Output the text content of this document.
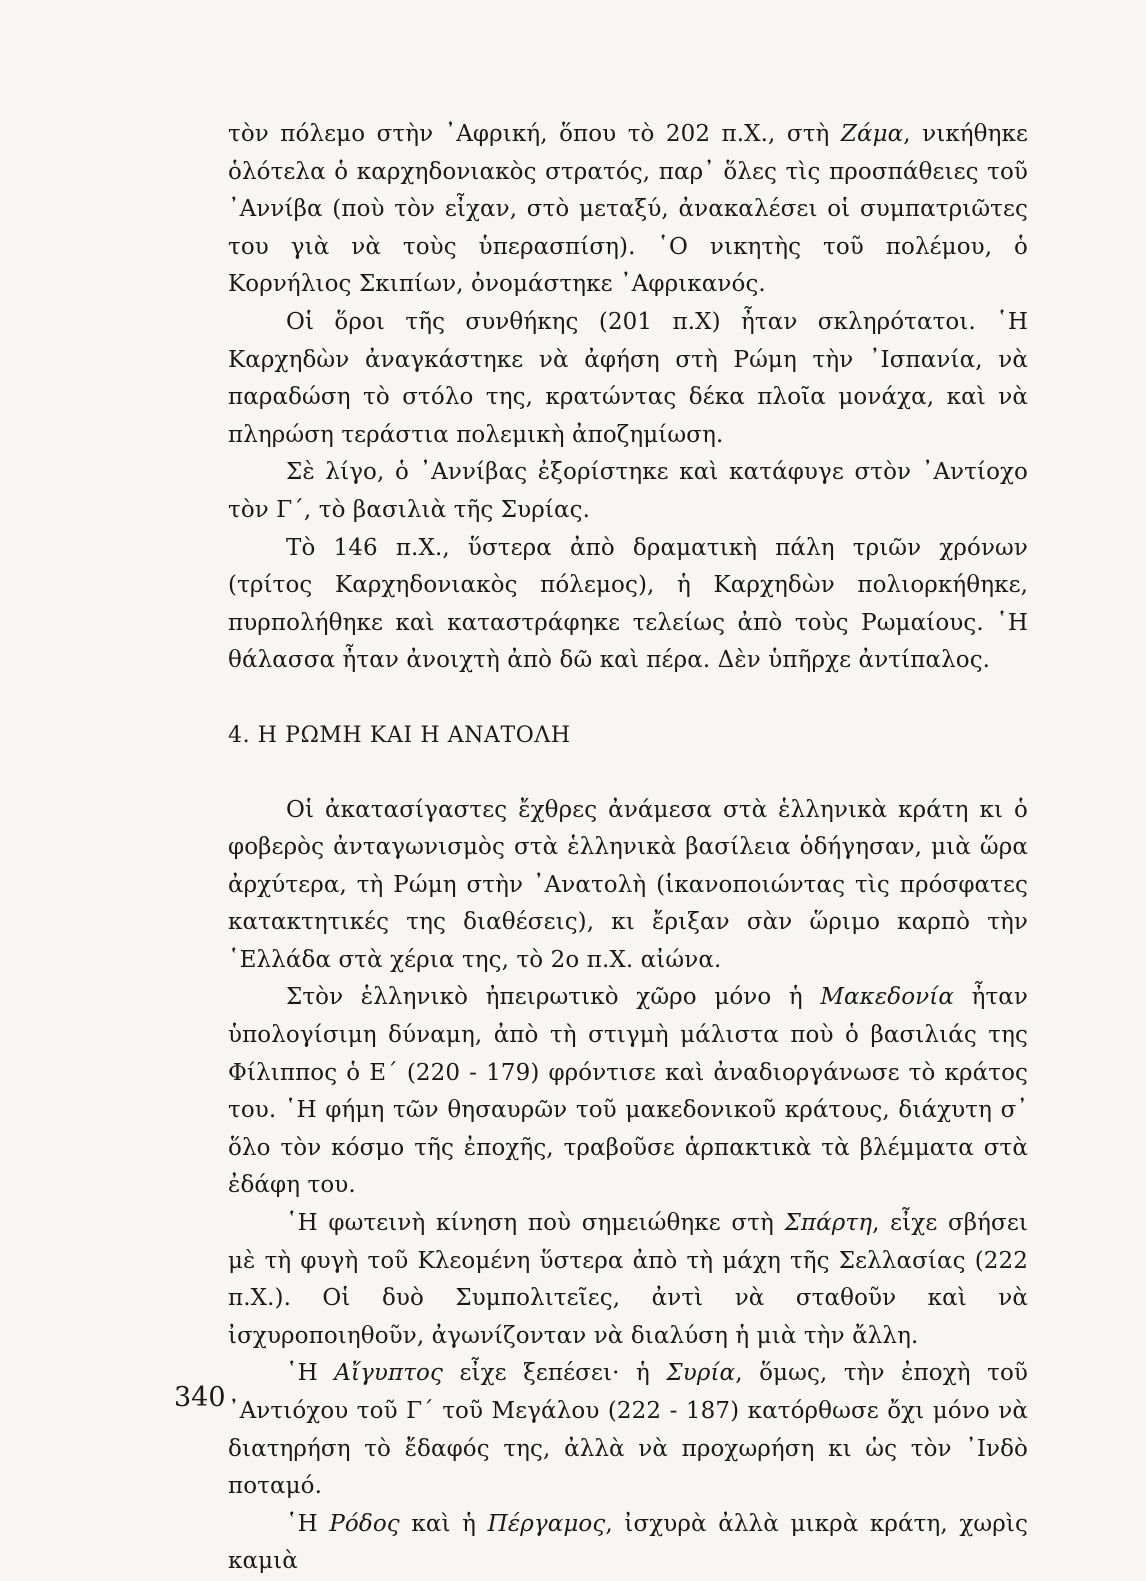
τὸν πόλεμο στὴν ᾿Αφρική, ὅπου τὸ 202 π.Χ., στὴ Ζάμα, νικήθηκε ὁλότελα ὁ καρχηδονιακὸς στρατός, παρ᾿ ὅλες τὶς προσπάθειες τοῦ ᾿Αννίβα (ποὺ τὸν εἶχαν, στὸ μεταξύ, ἀνακαλέσει οἱ συμπατριῶτες του γιὰ νὰ τοὺς ὑπερασπίση). ῾Ο νικητὴς τοῦ πολέμου, ὁ Κορνήλιος Σκιπίων, ὀνομάστηκε ᾿Αφρικανός.

Οἱ ὅροι τῆς συνθήκης (201 π.Χ) ἦταν σκληρότατοι. ῾Η Καρχηδὼν ἀναγκάστηκε νὰ ἀφήση στὴ Ρώμη τὴν ᾿Ισπανία, νὰ παραδώση τὸ στόλο της, κρατώντας δέκα πλοῖα μονάχα, καὶ νὰ πληρώση τεράστια πολεμικὴ ἀποζημίωση.

Σὲ λίγο, ὁ ᾿Αννίβας ἐξορίστηκε καὶ κατάφυγε στὸν ᾿Αντίοχο τὸν Γ΄, τὸ βασιλιὰ τῆς Συρίας.

Τὸ 146 π.Χ., ὕστερα ἀπὸ δραματικὴ πάλη τριῶν χρόνων (τρίτος Καρχηδονιακὸς πόλεμος), ἡ Καρχηδὼν πολιορκήθηκε, πυρπολήθηκε καὶ καταστράφηκε τελείως ἀπὸ τοὺς Ρωμαίους. ῾Η θάλασσα ἦταν ἀνοιχτὴ ἀπὸ δῶ καὶ πέρα. Δὲν ὑπῆρχε ἀντίπαλος.

4. Η ΡΩΜΗ ΚΑΙ Η ΑΝΑΤΟΛΗ

Οἱ ἀκατασίγαστες ἔχθρες ἀνάμεσα στὰ ἑλληνικὰ κράτη κι ὁ φοβερὸς ἀνταγωνισμὸς στὰ ἑλληνικὰ βασίλεια ὁδήγησαν, μιὰ ὥρα ἀρχύτερα, τὴ Ρώμη στὴν ᾿Ανατολὴ (ἱκανοποιώντας τὶς πρόσφατες κατακτητικές της διαθέσεις), κι ἔριξαν σὰν ὥριμο καρπὸ τὴν ῾Ελλάδα στὰ χέρια της, τὸ 2ο π.Χ. αἰώνα.

Στὸν ἑλληνικὸ ἠπειρωτικὸ χῶρο μόνο ἡ Μακεδονία ἦταν ὑπολογίσιμη δύναμη, ἀπὸ τὴ στιγμὴ μάλιστα ποὺ ὁ βασιλιάς της Φίλιππος ὁ Ε΄ (220 - 179) φρόντισε καὶ ἀναδιοργάνωσε τὸ κράτος του. ῾Η φήμη τῶν θησαυρῶν τοῦ μακεδονικοῦ κράτους, διάχυτη σ᾿ ὅλο τὸν κόσμο τῆς ἐποχῆς, τραβοῦσε ἁρπακτικὰ τὰ βλέμματα στὰ ἐδάφη του.

῾Η φωτεινὴ κίνηση ποὺ σημειώθηκε στὴ Σπάρτη, εἶχε σβήσει μὲ τὴ φυγὴ τοῦ Κλεομένη ὕστερα ἀπὸ τὴ μάχη τῆς Σελλασίας (222 π.Χ.). Οἱ δυὸ Συμπολιτεῖες, ἀντὶ νὰ σταθοῦν καὶ νὰ ἰσχυροποιηθοῦν, ἀγωνίζονταν νὰ διαλύση ἡ μιὰ τὴν ἄλλη.

῾Η Αἴγυπτος εἶχε ξεπέσει· ἡ Συρία, ὅμως, τὴν ἐποχὴ τοῦ ᾿Αντιόχου τοῦ Γ΄ τοῦ Μεγάλου (222 - 187) κατόρθωσε ὄχι μόνο νὰ διατηρήση τὸ ἔδαφός της, ἀλλὰ νὰ προχωρήση κι ὡς τὸν ᾿Ινδὸ ποταμό.

῾Η Ρόδος καὶ ἡ Πέργαμος, ἰσχυρὰ ἀλλὰ μικρὰ κράτη, χωρὶς καμιὰ

340
